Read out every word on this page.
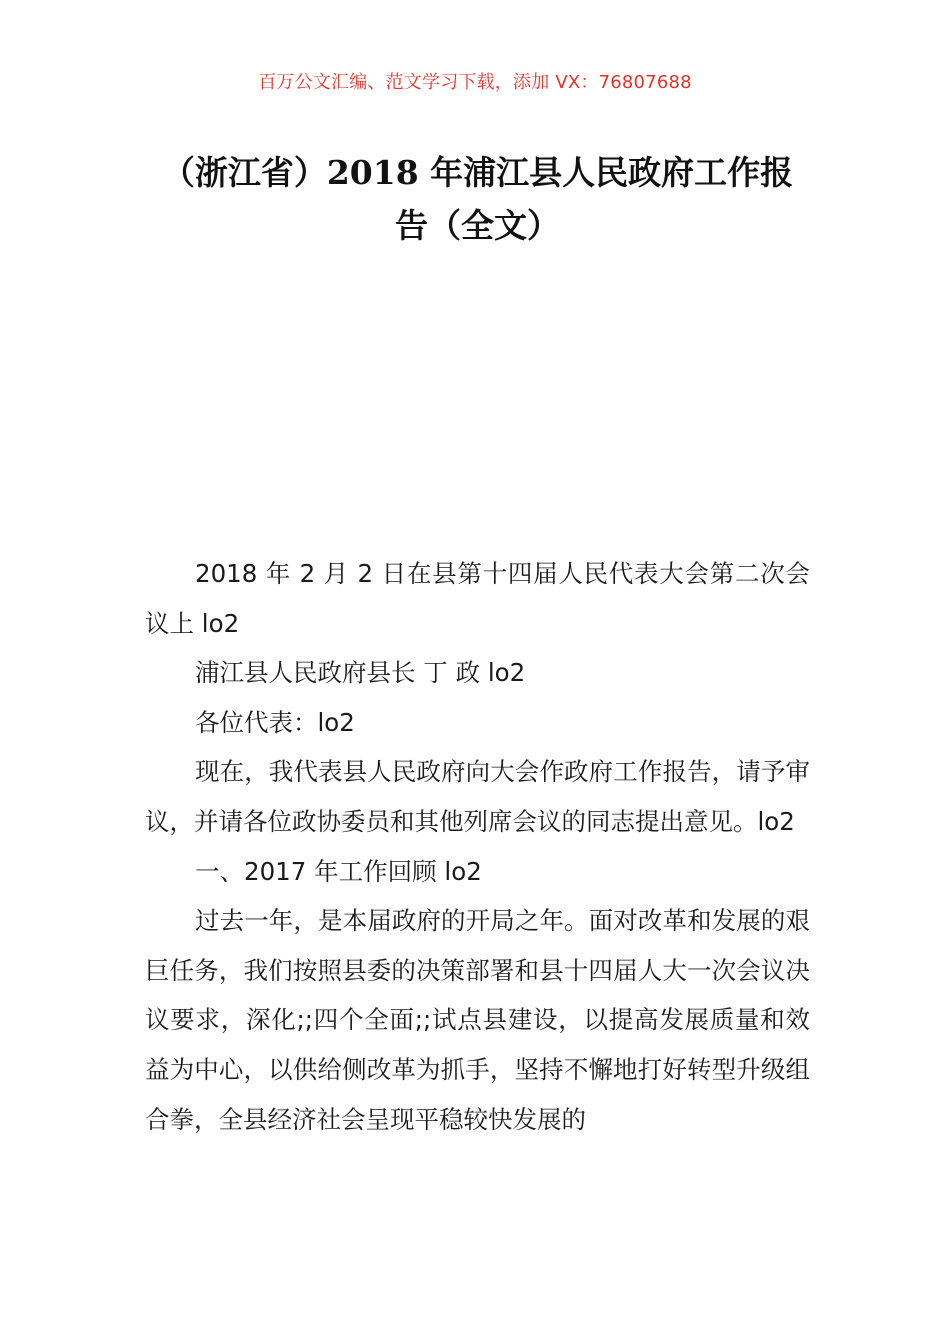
百万公文汇编、范文学习下载，添加 VX：76807688
（浙江省）2018 年浦江县人民政府工作报
告（全文）

2018 年 2 月 2 日在县第十四届人民代表大会第二次会议上 lo2

浦江县人民政府县长 丁 政 lo2

各位代表：lo2

现在，我代表县人民政府向大会作政府工作报告，请予审议，并请各位政协委员和其他列席会议的同志提出意见。lo2

一、2017 年工作回顾 lo2

过去一年，是本届政府的开局之年。面对改革和发展的艰巨任务，我们按照县委的决策部署和县十四届人大一次会议决议要求，深化;;四个全面;;试点县建设，以提高发展质量和效益为中心，以供给侧改革为抓手，坚持不懈地打好转型升级组合拳，全县经济社会呈现平稳较快发展的
